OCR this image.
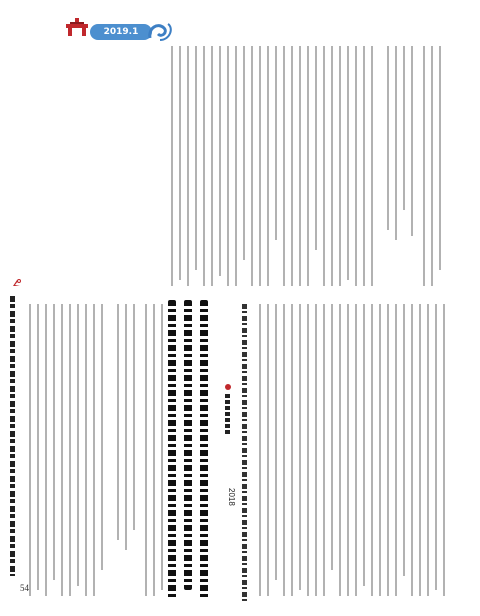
2019.1
2018
54
